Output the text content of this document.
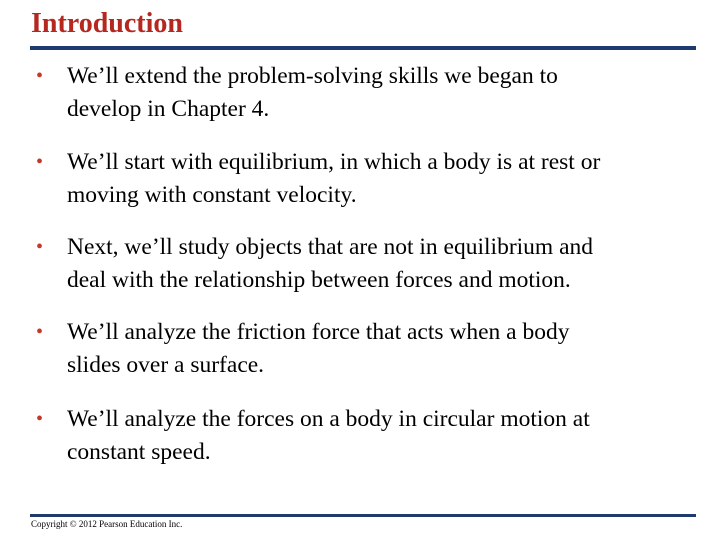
Introduction
• We’ll extend the problem-solving skills we began to
develop in Chapter 4.
• We’ll start with equilibrium, in which a body is at rest or
moving with constant velocity.
• Next, we’ll study objects that are not in equilibrium and
deal with the relationship between forces and motion.
• We’ll analyze the friction force that acts when a body
slides over a surface.
• We’ll analyze the forces on a body in circular motion at
constant speed.
Copyright © 2012 Pearson Education Inc.
